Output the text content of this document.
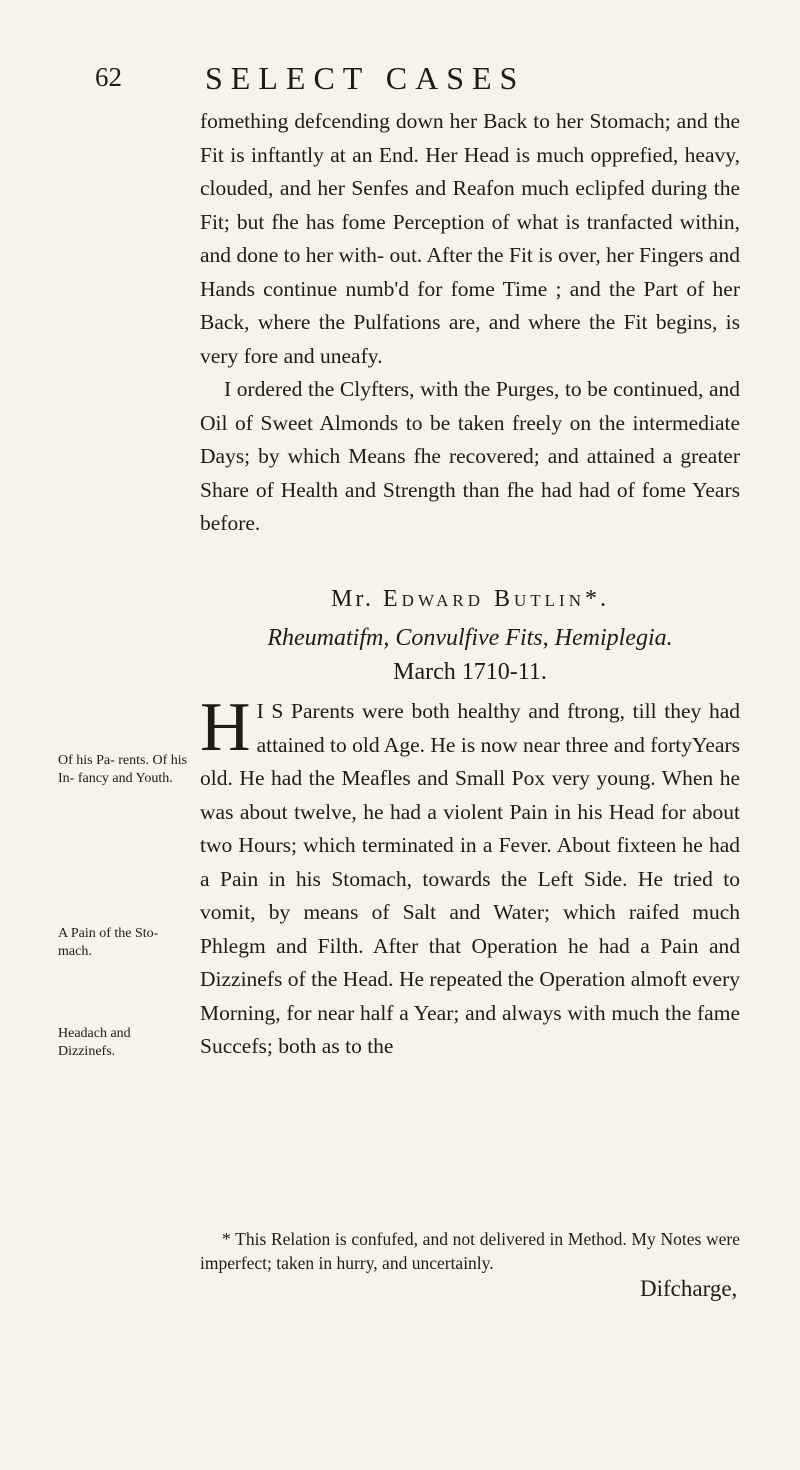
62	SELECT CASES

fomething defcending down her Back to her Stomach; and the Fit is inftantly at an End. Her Head is much opprefied, heavy, clouded, and her Senfes and Reafon much eclipfed during the Fit; but fhe has fome Perception of what is tranfacted within, and done to her with- out. After the Fit is over, her Fingers and Hands continue numb'd for fome Time ; and the Part of her Back, where the Pulfations are, and where the Fit begins, is very fore and uneafy.

I ordered the Clyfters, with the Purges, to be continued, and Oil of Sweet Almonds to be taken freely on the intermediate Days; by which Means fhe recovered; and attained a greater Share of Health and Strength than fhe had had of fome Years before.

Mr. Edward Butlin*.

Rheumatifm, Convulfive Fits, Hemiplegia.

March 1710-11.

H I S Parents were both healthy and ftrong, till they had attained to old Age. He is now near three and fortyYears old. He had the Meafles and Small Pox very young. When he was about twelve, he had a violent Pain in his Head for about two Hours; which terminated in a Fever. About fixteen he had a Pain in his Stomach, towards the Left Side. He tried to vomit, by means of Salt and Water; which raifed much Phlegm and Filth. After that Operation he had a Pain and Dizzinefs of the Head. He repeated the Operation almoft every Morning, for near half a Year; and always with much the fame Succefs; both as to the

Of his Pa- rents. Of his In- fancy and Youth.
A Pain of the Sto- mach.
Headach and Dizzinefs.

* This Relation is confufed, and not delivered in Method. My Notes were imperfect; taken in hurry, and uncertainly.

Difcharge,
